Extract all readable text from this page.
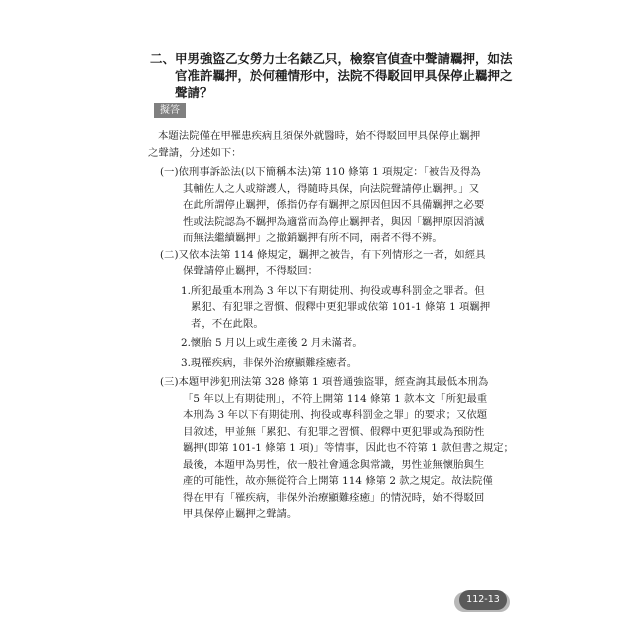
二、甲男強盜乙女勞力士名錶乙只，檢察官偵查中聲請羈押，如法
官准許羈押，於何種情形中，法院不得駁回甲具保停止羈押之
聲請？
擬答
本題法院僅在甲罹患疾病且須保外就醫時，始不得駁回甲具保停止羈押
之聲請，分述如下：
(一)依刑事訴訟法(以下簡稱本法)第 110 條第 1 項規定：「被告及得為
其輔佐人之人或辯護人，得隨時具保，向法院聲請停止羈押。」又
在此所謂停止羈押，係指仍存有羈押之原因但因不具備羈押之必要
性或法院認為不羈押為適當而為停止羈押者，與因「羈押原因消滅
而無法繼續羈押」之撤銷羈押有所不同，兩者不得不辨。
(二)又依本法第 114 條規定，羈押之被告，有下列情形之一者，如經具
保聲請停止羈押，不得駁回：
1.所犯最重本刑為 3 年以下有期徒刑、拘役或專科罰金之罪者。但
累犯、有犯罪之習慣、假釋中更犯罪或依第 101-1 條第 1 項羈押
者，不在此限。
2.懷胎 5 月以上或生產後 2 月未滿者。
3.現罹疾病，非保外治療顯難痊癒者。
(三)本題甲涉犯刑法第 328 條第 1 項普通強盜罪，經查詢其最低本刑為
「5 年以上有期徒刑」，不符上開第 114 條第 1 款本文「所犯最重
本刑為 3 年以下有期徒刑、拘役或專科罰金之罪」的要求；又依題
目敘述，甲並無「累犯、有犯罪之習慣、假釋中更犯罪或為預防性
羈押(即第 101-1 條第 1 項)」等情事，因此也不符第 1 款但書之規定；
最後，本題甲為男性，依一般社會通念與常識，男性並無懷胎與生
產的可能性，故亦無從符合上開第 114 條第 2 款之規定。故法院僅
得在甲有「罹疾病，非保外治療顯難痊癒」的情況時，始不得駁回
甲具保停止羈押之聲請。
112-13
